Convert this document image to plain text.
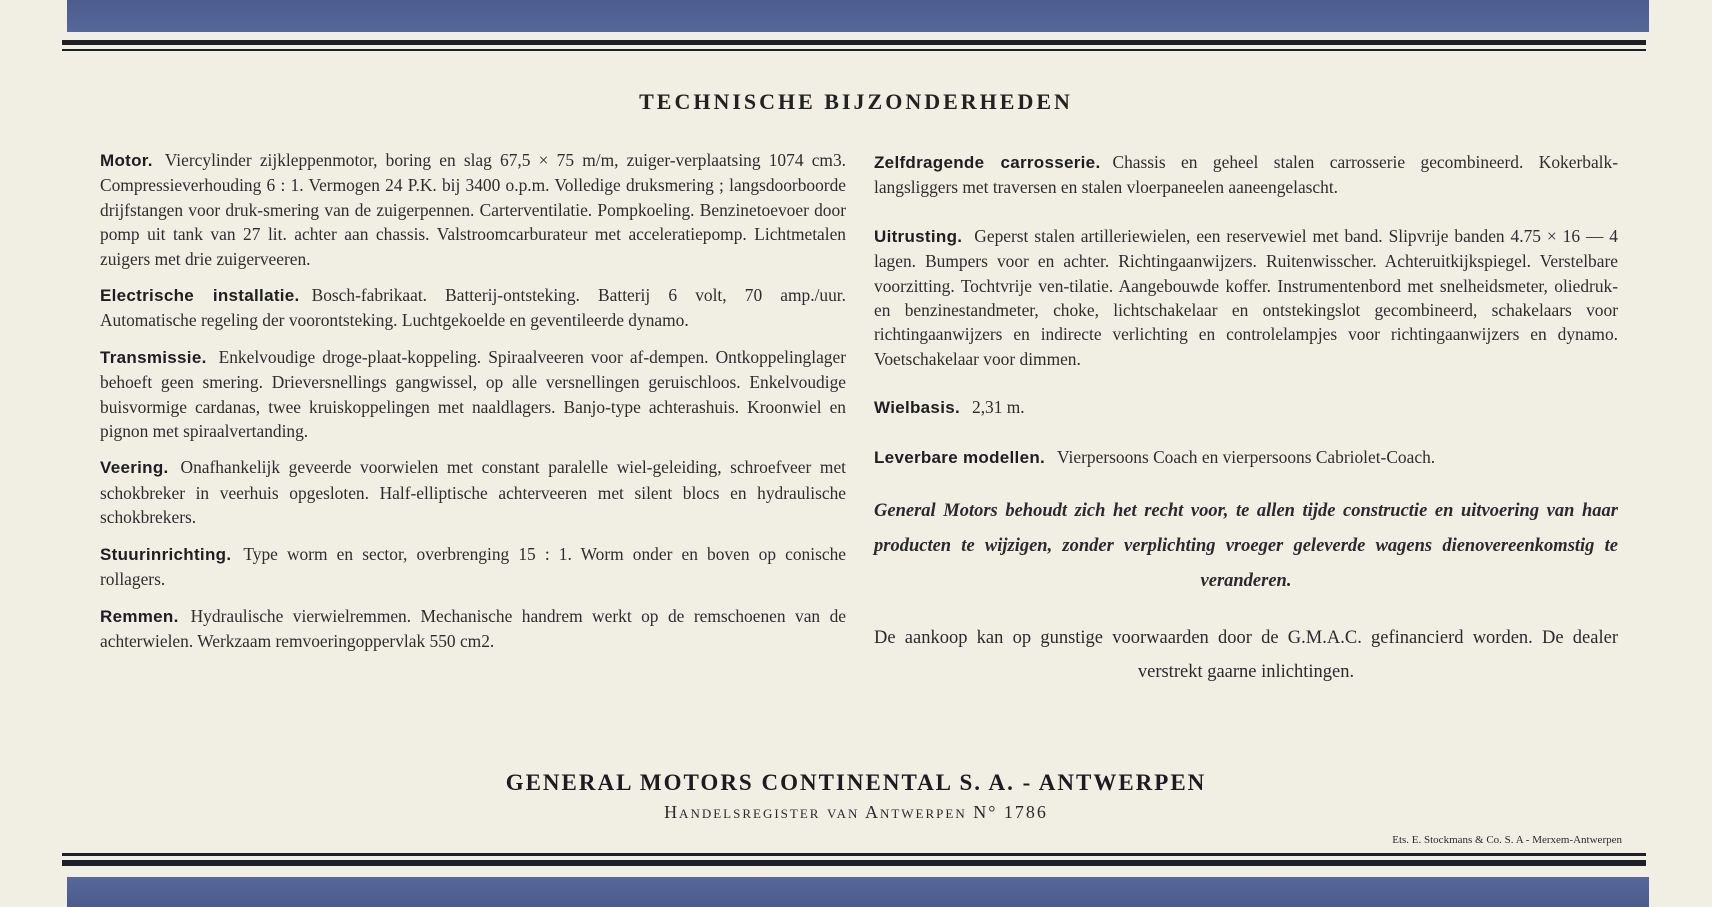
TECHNISCHE BIJZONDERHEDEN

Motor. Viercylinder zijkleppenmotor, boring en slag 67,5 × 75 m/m, zuiger-verplaatsing 1074 cm3. Compressieverhouding 6 : 1. Vermogen 24 P.K. bij 3400 o.p.m. Volledige druksmering ; langsdoorboorde drijfstangen voor druk-smering van de zuigerpennen. Carterventilatie. Pompkoeling. Benzinetoevoer door pomp uit tank van 27 lit. achter aan chassis. Valstroomcarburateur met acceleratiepomp. Lichtmetalen zuigers met drie zuigerveeren.

Electrische installatie. Bosch-fabrikaat. Batterij-ontsteking. Batterij 6 volt, 70 amp./uur. Automatische regeling der voorontsteking. Luchtgekoelde en geventileerde dynamo.

Transmissie. Enkelvoudige droge-plaat-koppeling. Spiraalveeren voor af-dempen. Ontkoppelinglager behoeft geen smering. Drieversnellings gangwissel, op alle versnellingen geruischloos. Enkelvoudige buisvormige cardanas, twee kruiskoppelingen met naaldlagers. Banjo-type achterashuis. Kroonwiel en pignon met spiraalvertanding.

Veering. Onafhankelijk geveerde voorwielen met constant paralelle wiel-geleiding, schroefveer met schokbreker in veerhuis opgesloten. Half-elliptische achterveeren met silent blocs en hydraulische schokbrekers.

Stuurinrichting. Type worm en sector, overbrenging 15 : 1. Worm onder en boven op conische rollagers.

Remmen. Hydraulische vierwielremmen. Mechanische handrem werkt op de remschoenen van de achterwielen. Werkzaam remvoeringoppervlak 550 cm2.

Zelfdragende carrosserie. Chassis en geheel stalen carrosserie gecombineerd. Kokerbalk-langsliggers met traversen en stalen vloerpaneelen aaneengelascht.

Uitrusting. Geperst stalen artilleriewielen, een reservewiel met band. Slipvrije banden 4.75 × 16 — 4 lagen. Bumpers voor en achter. Richtingaanwijzers. Ruitenwisscher. Achteruitkijkspiegel. Verstelbare voorzitting. Tochtvrije ven-tilatie. Aangebouwde koffer. Instrumentenbord met snelheidsmeter, oliedruk- en benzinestandmeter, choke, lichtschakelaar en ontstekingslot gecombineerd, schakelaars voor richtingaanwijzers en indirecte verlichting en controlelampjes voor richtingaanwijzers en dynamo. Voetschakelaar voor dimmen.

Wielbasis. 2,31 m.

Leverbare modellen. Vierpersoons Coach en vierpersoons Cabriolet-Coach.

General Motors behoudt zich het recht voor, te allen tijde constructie en uitvoering van haar producten te wijzigen, zonder verplichting vroeger geleverde wagens dienovereenkomstig te veranderen.

De aankoop kan op gunstige voorwaarden door de G.M.A.C. gefinancierd worden. De dealer verstrekt gaarne inlichtingen.

GENERAL MOTORS CONTINENTAL S. A. - ANTWERPEN
Handelsregister van Antwerpen N° 1786
Ets. E. Stockmans & Co. S. A - Merxem-Antwerpen
